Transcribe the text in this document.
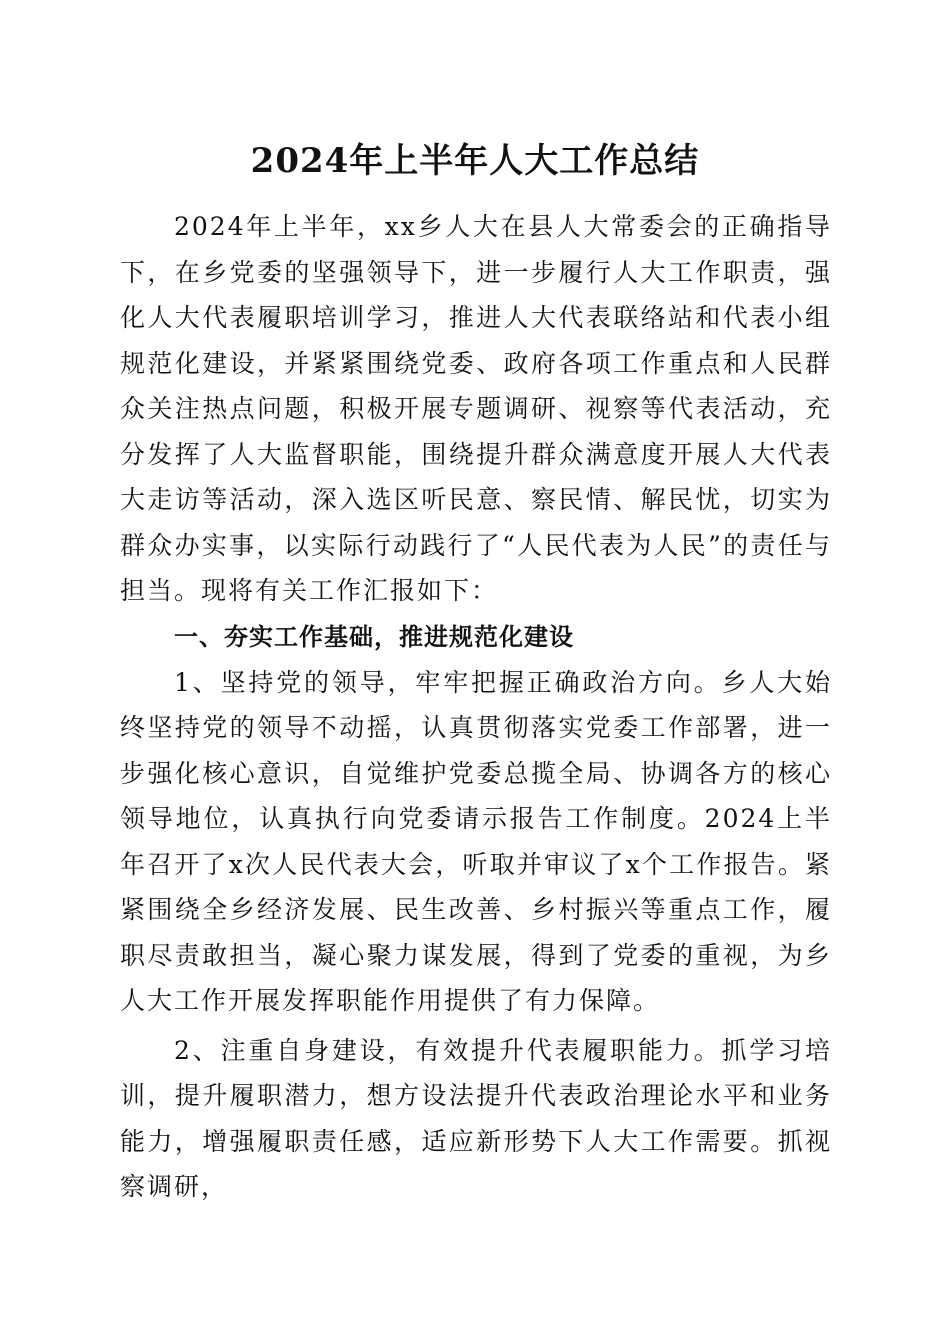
2024年上半年人大工作总结

2024年上半年，xx乡人大在县人大常委会的正确指导下，在乡党委的坚强领导下，进一步履行人大工作职责，强化人大代表履职培训学习，推进人大代表联络站和代表小组规范化建设，并紧紧围绕党委、政府各项工作重点和人民群众关注热点问题，积极开展专题调研、视察等代表活动，充分发挥了人大监督职能，围绕提升群众满意度开展人大代表大走访等活动，深入选区听民意、察民情、解民忧，切实为群众办实事，以实际行动践行了“人民代表为人民”的责任与担当。现将有关工作汇报如下：

一、夯实工作基础，推进规范化建设

1、坚持党的领导，牢牢把握正确政治方向。乡人大始终坚持党的领导不动摇，认真贯彻落实党委工作部署，进一步强化核心意识，自觉维护党委总揽全局、协调各方的核心领导地位，认真执行向党委请示报告工作制度。2024上半年召开了x次人民代表大会，听取并审议了x个工作报告。紧紧围绕全乡经济发展、民生改善、乡村振兴等重点工作，履职尽责敢担当，凝心聚力谋发展，得到了党委的重视，为乡人大工作开展发挥职能作用提供了有力保障。

2、注重自身建设，有效提升代表履职能力。抓学习培训，提升履职潜力，想方设法提升代表政治理论水平和业务能力，增强履职责任感，适应新形势下人大工作需要。抓视察调研，
